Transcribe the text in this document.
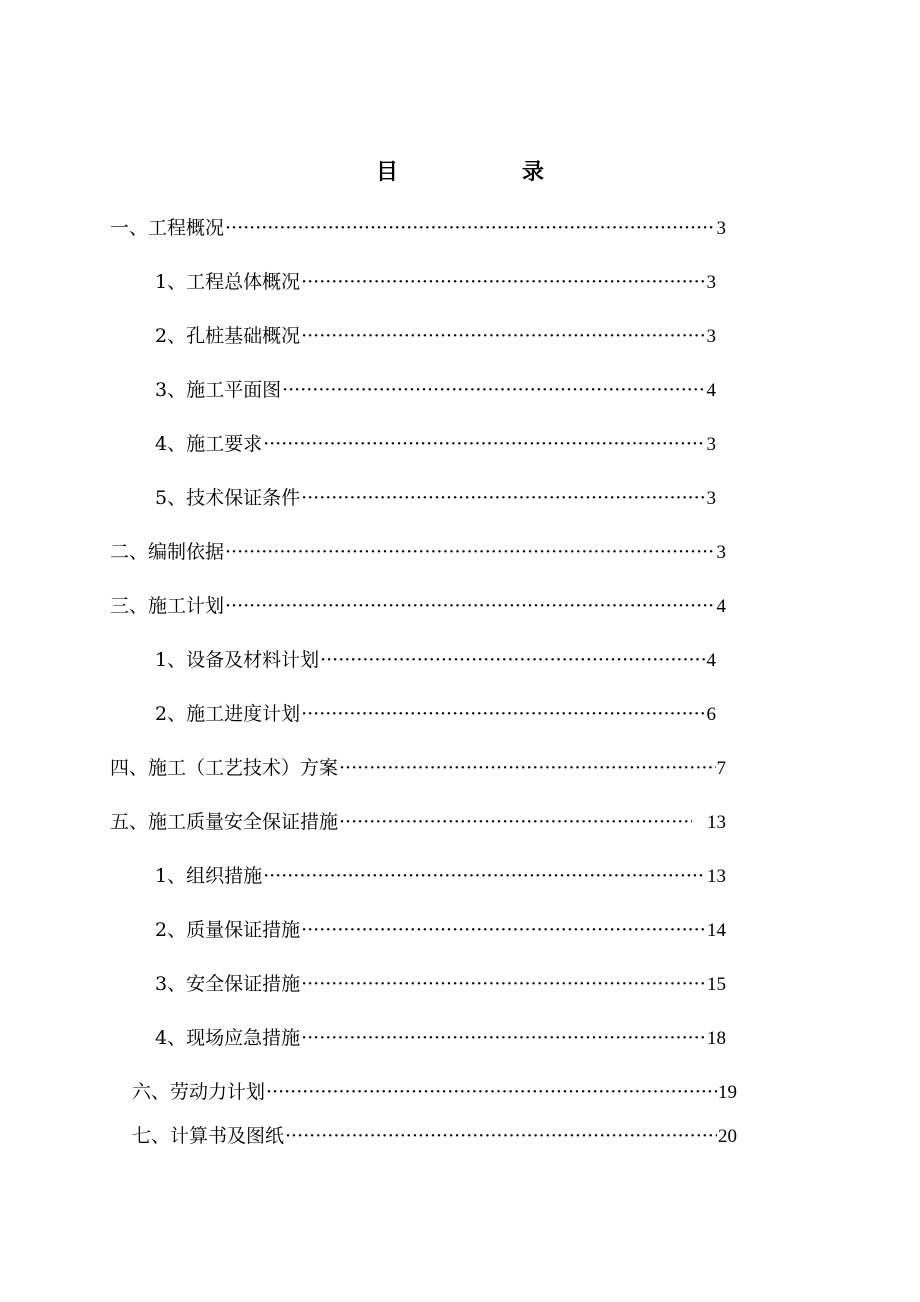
目	录
一、工程概况 ·····	3
1、工程总体概况 ·····	3
2、孔桩基础概况 ·····	3
3、施工平面图 ·····	4
4、施工要求 ·····	3
5、技术保证条件 ·····	3
二、编制依据 ·····	3
三、施工计划 ·····	4
1、设备及材料计划 ·····	4
2、施工进度计划 ·····	6
四、施工（工艺技术）方案 ·····	7
五、施工质量安全保证措施 ·····	13
1、组织措施 ·····	13
2、质量保证措施 ·····	14
3、安全保证措施 ·····	15
4、现场应急措施 ·····	18
六、劳动力计划 ·····	19
七、计算书及图纸 ·····	20
